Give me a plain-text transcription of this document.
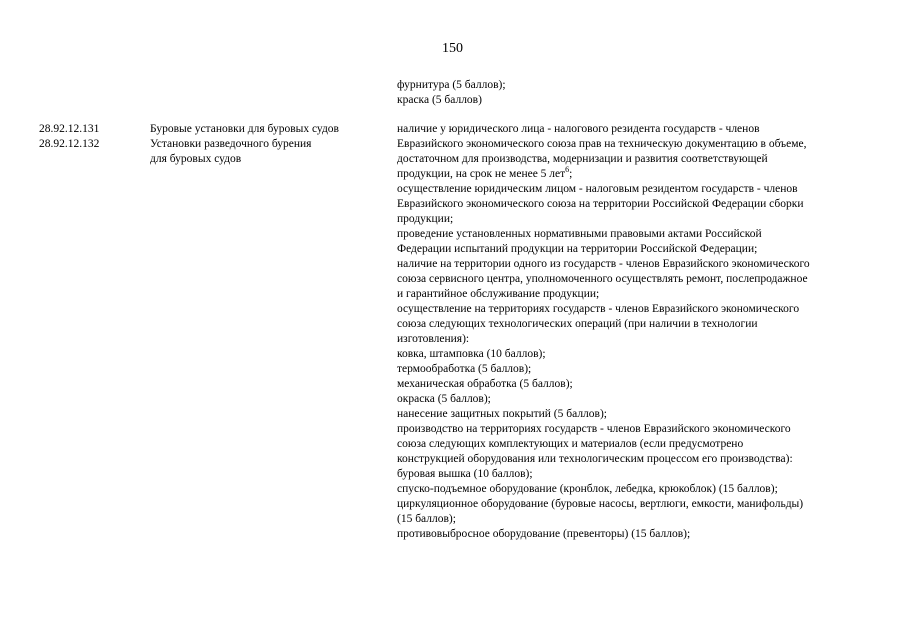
150
фурнитура (5 баллов);
краска (5 баллов)
28.92.12.131
28.92.12.132
Буровые установки для буровых судов
Установки разведочного бурения
для буровых судов
наличие у юридического лица - налогового резидента государств - членов
Евразийского экономического союза прав на техническую документацию в объеме,
достаточном для производства, модернизации и развития соответствующей
продукции, на срок не менее 5 лет$^6$;
осуществление юридическим лицом - налоговым резидентом государств - членов
Евразийского экономического союза на территории Российской Федерации сборки
продукции;
проведение установленных нормативными правовыми актами Российской
Федерации испытаний продукции на территории Российской Федерации;
наличие на территории одного из государств - членов Евразийского экономического
союза сервисного центра, уполномоченного осуществлять ремонт, послепродажное
и гарантийное обслуживание продукции;
осуществление на территориях государств - членов Евразийского экономического
союза следующих технологических операций (при наличии в технологии
изготовления):
ковка, штамповка (10 баллов);
термообработка (5 баллов);
механическая обработка (5 баллов);
окраска (5 баллов);
нанесение защитных покрытий (5 баллов);
производство на территориях государств - членов Евразийского экономического
союза следующих комплектующих и материалов (если предусмотрено
конструкцией оборудования или технологическим процессом его производства):
буровая вышка (10 баллов);
спуско-подъемное оборудование (кронблок, лебедка, крюкоблок) (15 баллов);
циркуляционное оборудование (буровые насосы, вертлюги, емкости, манифольды)
(15 баллов);
противовыбросное оборудование (превенторы) (15 баллов);
